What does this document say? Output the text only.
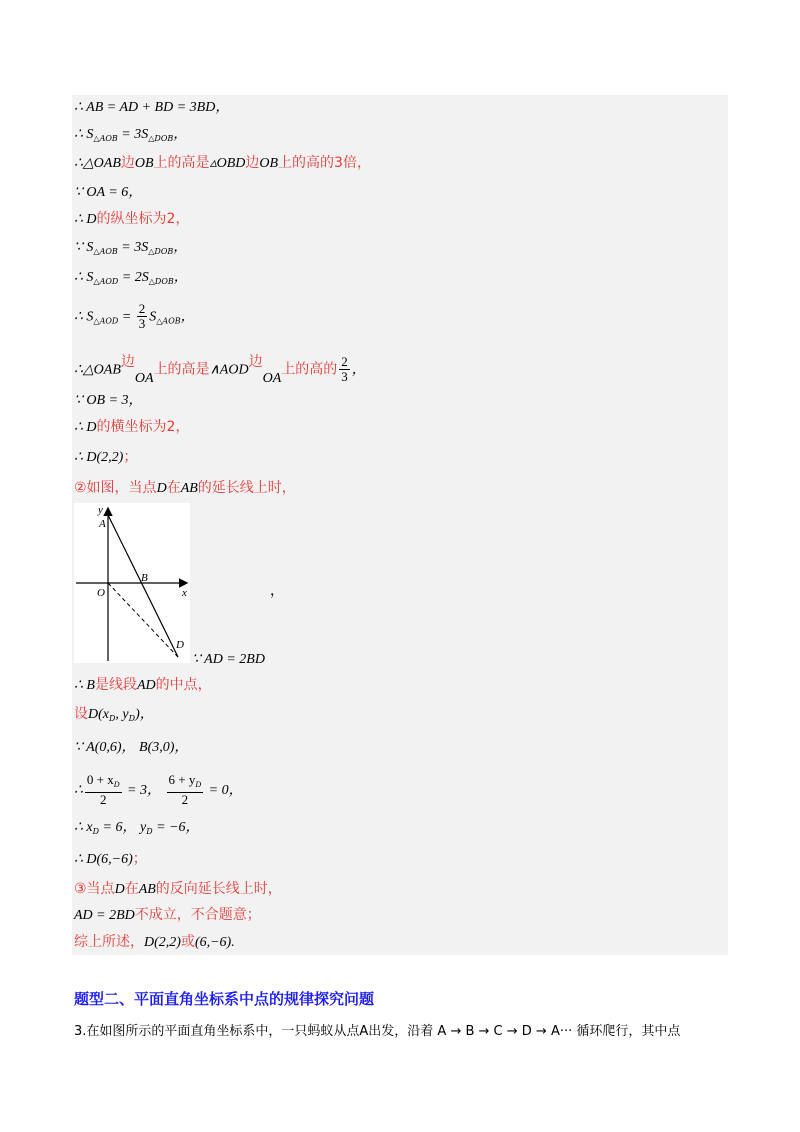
∴ AB = AD + BD = 3BD，
∴ $S_{\triangle AOB} = 3S_{\triangle DOB}$，
∴△OAB边OB上的高是▵OBD边OB上的高的3倍，
∵ OA = 6，
∴ D的纵坐标为2，
∵ $S_{\triangle AOB} = 3S_{\triangle DOB}$，
∴ $S_{\triangle AOD} = 2S_{\triangle DOB}$，
∴ $S_{\triangle AOD} = \frac{2}{3} S_{\triangle AOB}$，
∴△OAB边OA上的高是∧AOD边OA上的高的 $\frac{2}{3}$ ，
∵ OB = 3，
∴ D的横坐标为2，
∴ D(2,2)；
②如图，当点D在AB的延长线上时，
y
A
B
O	x
D
，
∵ AD = 2BD
∴ B是线段AD的中点，
设$D(x_D$, $y_D$)，
∵ A(0,6)， B(3,0)，
∴ $\frac{0 + x_D}{2} = 3$， $\frac{6 + y_D}{2} = 0$，
∴ $x_D = 6$， $y_D = -6$，
∴ D(6,−6)；
③当点D在AB的反向延长线上时，
AD = 2BD不成立，不合题意；
综上所述，D(2,2)或(6,−6).
题型二、平面直角坐标系中点的规律探究问题
3.在如图所示的平面直角坐标系中，一只蚂蚁从点A出发，沿着 A → B → C → D → A··· 循环爬行，其中点
